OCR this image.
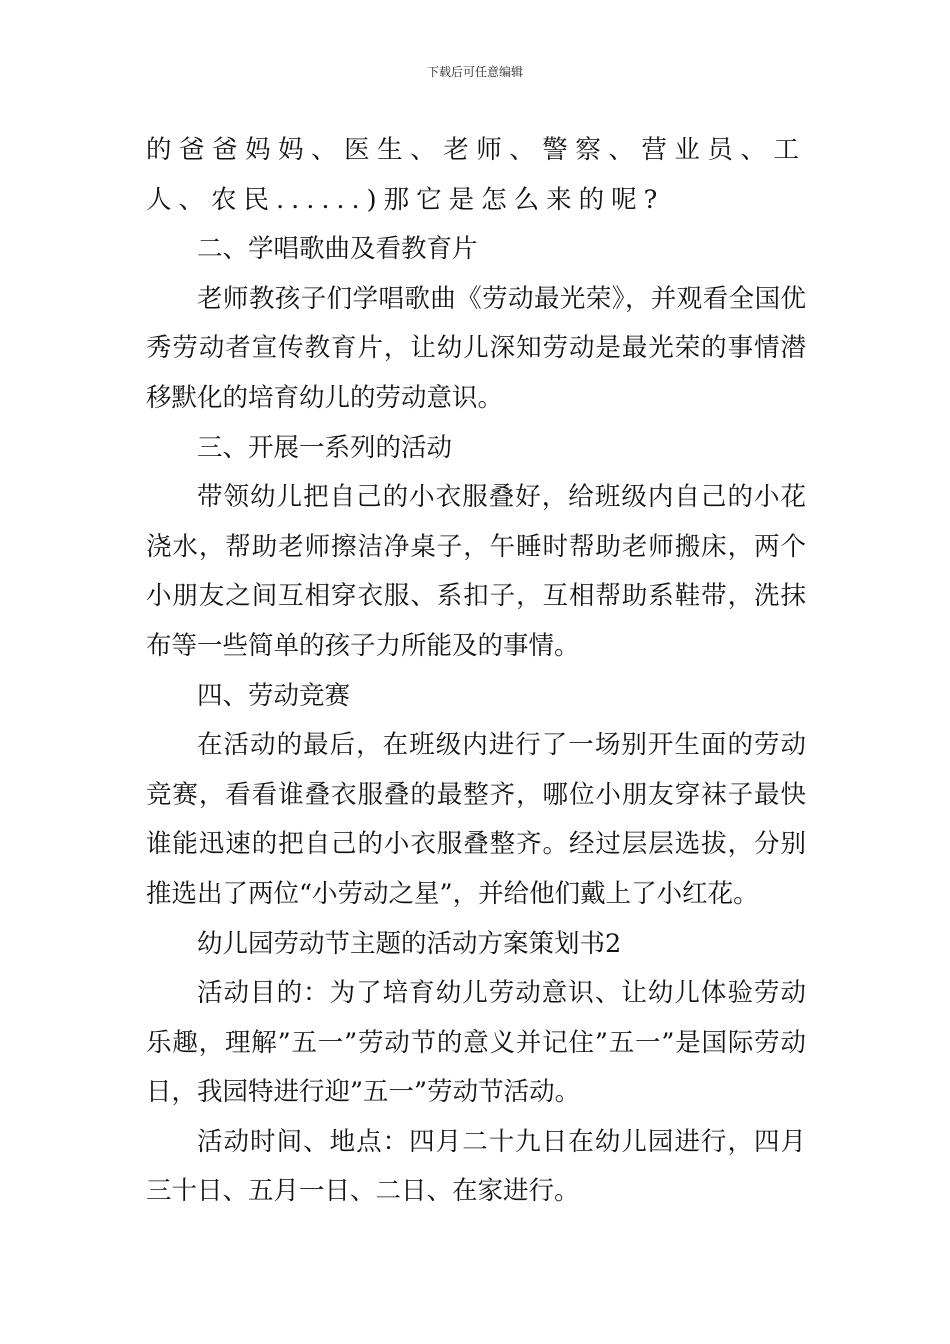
下载后可任意编辑

的爸爸妈妈、医生、老师、警察、营业员、工人、农民......)那它是怎么来的呢?

二、学唱歌曲及看教育片

老师教孩子们学唱歌曲《劳动最光荣》，并观看全国优秀劳动者宣传教育片，让幼儿深知劳动是最光荣的事情潜移默化的培育幼儿的劳动意识。

三、开展一系列的活动

带领幼儿把自己的小衣服叠好，给班级内自己的小花浇水，帮助老师擦洁净桌子，午睡时帮助老师搬床，两个小朋友之间互相穿衣服、系扣子，互相帮助系鞋带，洗抹布等一些简单的孩子力所能及的事情。

四、劳动竞赛

在活动的最后，在班级内进行了一场别开生面的劳动竞赛，看看谁叠衣服叠的最整齐，哪位小朋友穿袜子最快谁能迅速的把自己的小衣服叠整齐。经过层层选拔，分别推选出了两位“小劳动之星”，并给他们戴上了小红花。

幼儿园劳动节主题的活动方案策划书2

活动目的：为了培育幼儿劳动意识、让幼儿体验劳动乐趣，理解”五一”劳动节的意义并记住”五一”是国际劳动日，我园特进行迎”五一”劳动节活动。

活动时间、地点：四月二十九日在幼儿园进行，四月三十日、五月一日、二日、在家进行。
